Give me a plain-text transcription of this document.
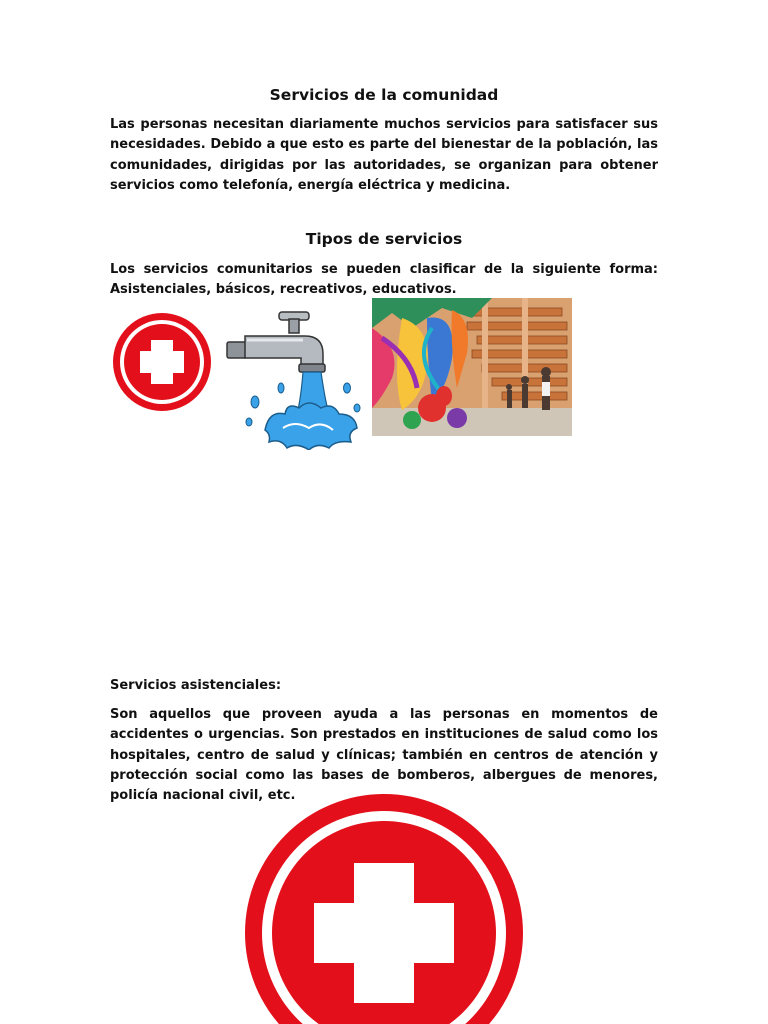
Servicios de la comunidad

Las personas necesitan diariamente muchos servicios para satisfacer sus necesidades. Debido a que esto es parte del bienestar de la población, las comunidades, dirigidas por las autoridades, se organizan para obtener servicios como telefonía, energía eléctrica y medicina.

Tipos de servicios

Los servicios comunitarios se pueden clasificar de la siguiente forma: Asistenciales, básicos, recreativos, educativos.

Servicios asistenciales:

Son aquellos que proveen ayuda a las personas en momentos de accidentes o urgencias. Son prestados en instituciones de salud como los hospitales, centro de salud y clínicas; también en centros de atención y protección social como las bases de bomberos, albergues de menores, policía nacional civil, etc.
